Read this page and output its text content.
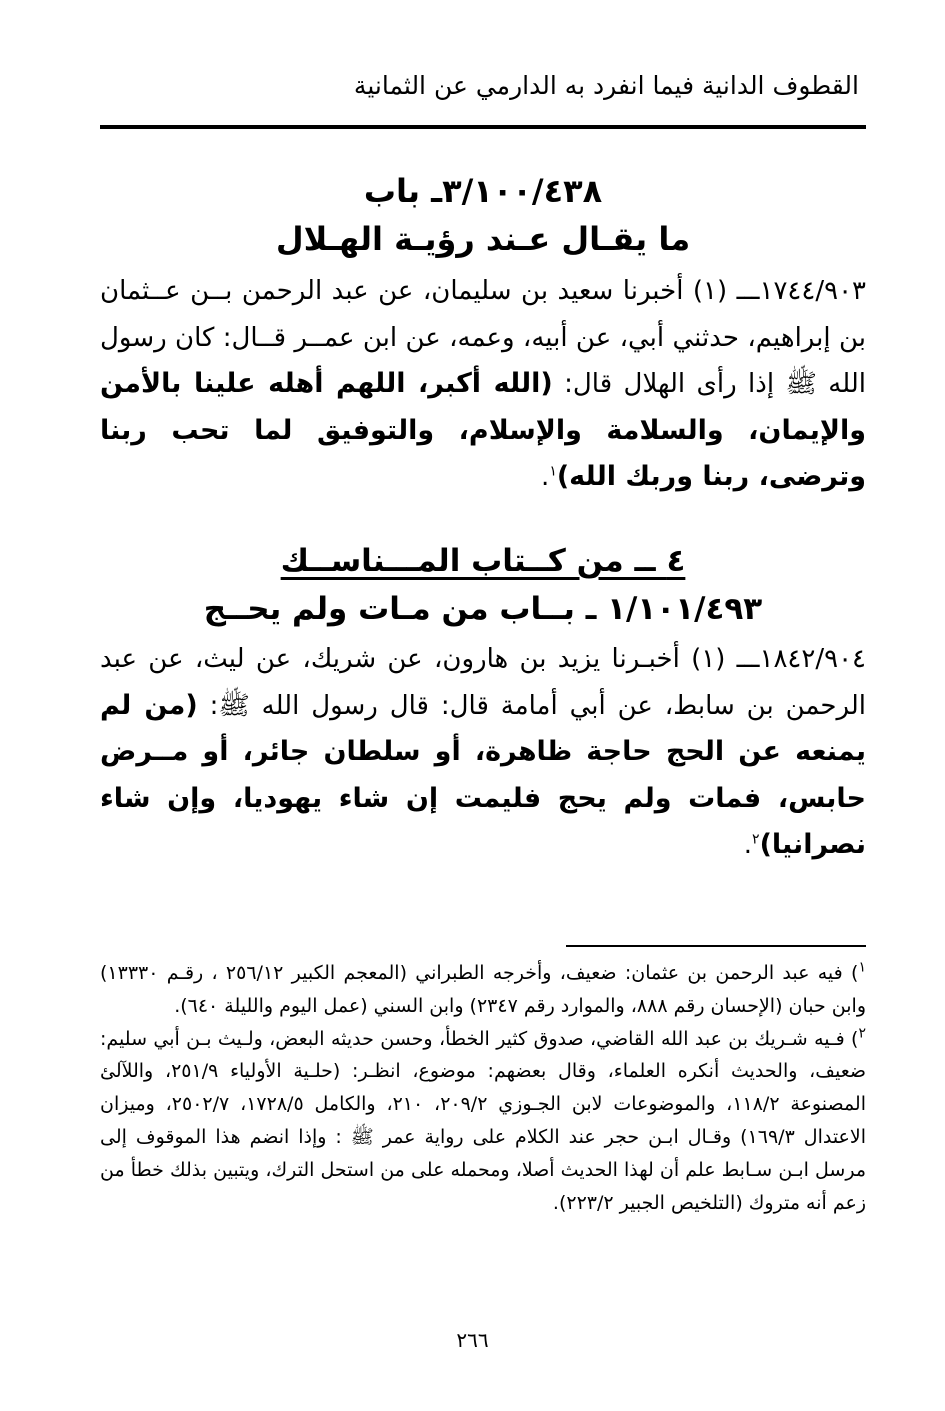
القطوف الدانية فيما انفرد به الدارمي عن الثمانية
٣/١٠٠/٤٣٨ـ باب
ما يقـال عـند رؤيـة الهـلال
١٧٤٤/٩٠٣ـــ (١) أخبرنا سعيد بن سليمان، عن عبد الرحمن بــن عــثمان بن إبراهيم، حدثني أبي، عن أبيه، وعمه، عن ابن عمــر قــال: كان رسول الله ﷺ إذا رأى الهلال قال: (الله أكبر، اللهم أهله علينا بالأمن والإيمان، والسلامة والإسلام، والتوفيق لما تحب ربنا وترضى، ربنا وربك الله)$^١$.
٤ ــ من كــتاب المـــناســك
١/١٠١/٤٩٣ ـ بــاب من مـات ولم يحــج
١٨٤٢/٩٠٤ـــ (١) أخبـرنا يزيد بن هارون، عن شريك، عن ليث، عن عبد الرحمن بن سابط، عن أبي أمامة قال: قال رسول الله ﷺ: (من لم يمنعه عن الحج حاجة ظاهرة، أو سلطان جائر، أو مــرض حابس، فمات ولم يحج فليمت إن شاء يهوديا، وإن شاء نصرانيا)$^٢$.

$^١$) فيه عبد الرحمن بن عثمان: ضعيف، وأخرجه الطبراني (المعجم الكبير ٢٥٦/١٢ ، رقـم ١٣٣٣٠) وابن حبان (الإحسان رقم ٨٨٨، والموارد رقم ٢٣٤٧) وابن السني (عمل اليوم والليلة ٦٤٠).

$^٢$) فـيه شـريك بن عبد الله القاضي، صدوق كثير الخطأ، وحسن حديثه البعض، ولـيث بـن أبي سليم: ضعيف، والحديث أنكره العلماء، وقال بعضهم: موضوع، انظـر: (حلـية الأولياء ٢٥١/٩، واللآلئ المصنوعة ١١٨/٢، والموضوعات لابن الجـوزي ٢٠٩/٢، ٢١٠، والكامل ١٧٢٨/٥، ٢٥٠٢/٧، وميزان الاعتدال ١٦٩/٣) وقـال ابـن حجر عند الكلام على رواية عمر ﷺ : وإذا انضم هذا الموقوف إلى مرسل ابـن سـابط علم أن لهذا الحديث أصلا، ومحمله على من استحل الترك، ويتبين بذلك خطأ من زعم أنه متروك (التلخيص الجبير ٢٢٣/٢).

٢٦٦
